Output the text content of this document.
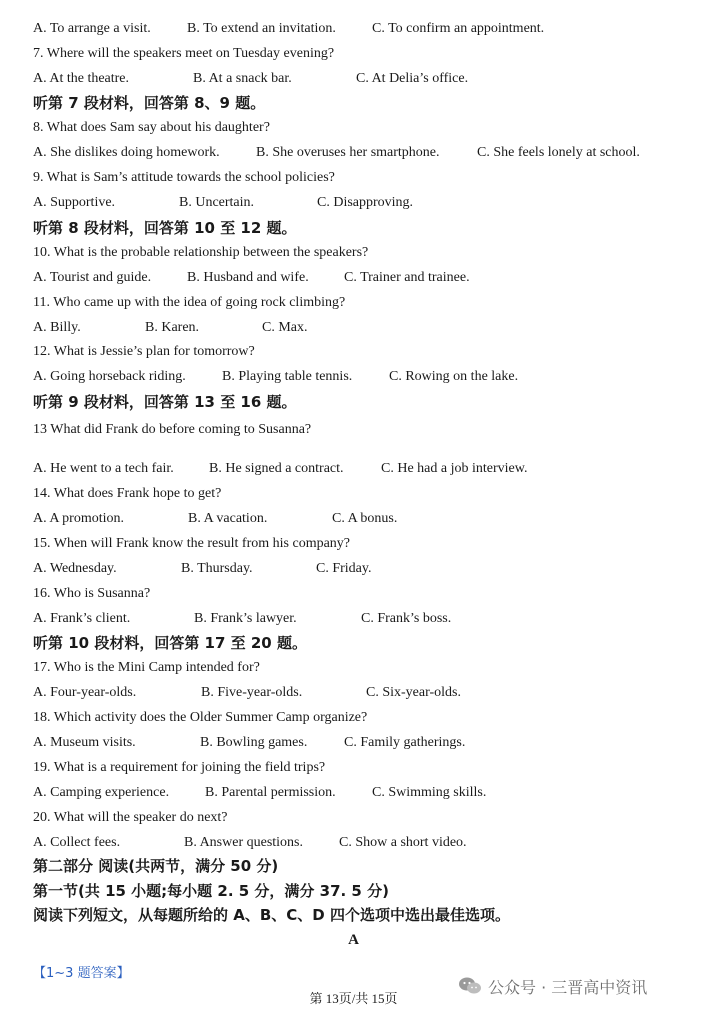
A. To arrange a visit.	B. To extend an invitation.	C. To confirm an appointment.
7. Where will the speakers meet on Tuesday evening?
A. At the theatre.	B. At a snack bar.	C. At Delia’s office.
听第 7 段材料，回答第 8、9 题。
8. What does Sam say about his daughter?
A. She dislikes doing homework.	B. She overuses her smartphone.	C. She feels lonely at school.
9. What is Sam’s attitude towards the school policies?
A. Supportive.	B. Uncertain.	C. Disapproving.
听第 8 段材料，回答第 10 至 12 题。
10. What is the probable relationship between the speakers?
A. Tourist and guide.	B. Husband and wife.	C. Trainer and trainee.
11. Who came up with the idea of going rock climbing?
A. Billy.	B. Karen.	C. Max.
12. What is Jessie’s plan for tomorrow?
A. Going horseback riding.	B. Playing table tennis.	C. Rowing on the lake.
听第 9 段材料，回答第 13 至 16 题。
13 What did Frank do before coming to Susanna?
A. He went to a tech fair.	B. He signed a contract.	C. He had a job interview.
14. What does Frank hope to get?
A. A promotion.	B. A vacation.	C. A bonus.
15. When will Frank know the result from his company?
A. Wednesday.	B. Thursday.	C. Friday.
16. Who is Susanna?
A. Frank’s client.	B. Frank’s lawyer.	C. Frank’s boss.
听第 10 段材料，回答第 17 至 20 题。
17. Who is the Mini Camp intended for?
A. Four-year-olds.	B. Five-year-olds.	C. Six-year-olds.
18. Which activity does the Older Summer Camp organize?
A. Museum visits.	B. Bowling games.	C. Family gatherings.
19. What is a requirement for joining the field trips?
A. Camping experience.	B. Parental permission.	C. Swimming skills.
20. What will the speaker do next?
A. Collect fees.	B. Answer questions.	C. Show a short video.
第二部分 阅读(共两节，满分 50 分)
第一节(共 15 小题;每小题 2. 5 分，满分 37. 5 分)
阅读下列短文，从每题所给的 A、B、C、D 四个选项中选出最佳选项。
A
【1~3 题答案】
第 13页/共 15页
公众号 · 三晋高中资讯
